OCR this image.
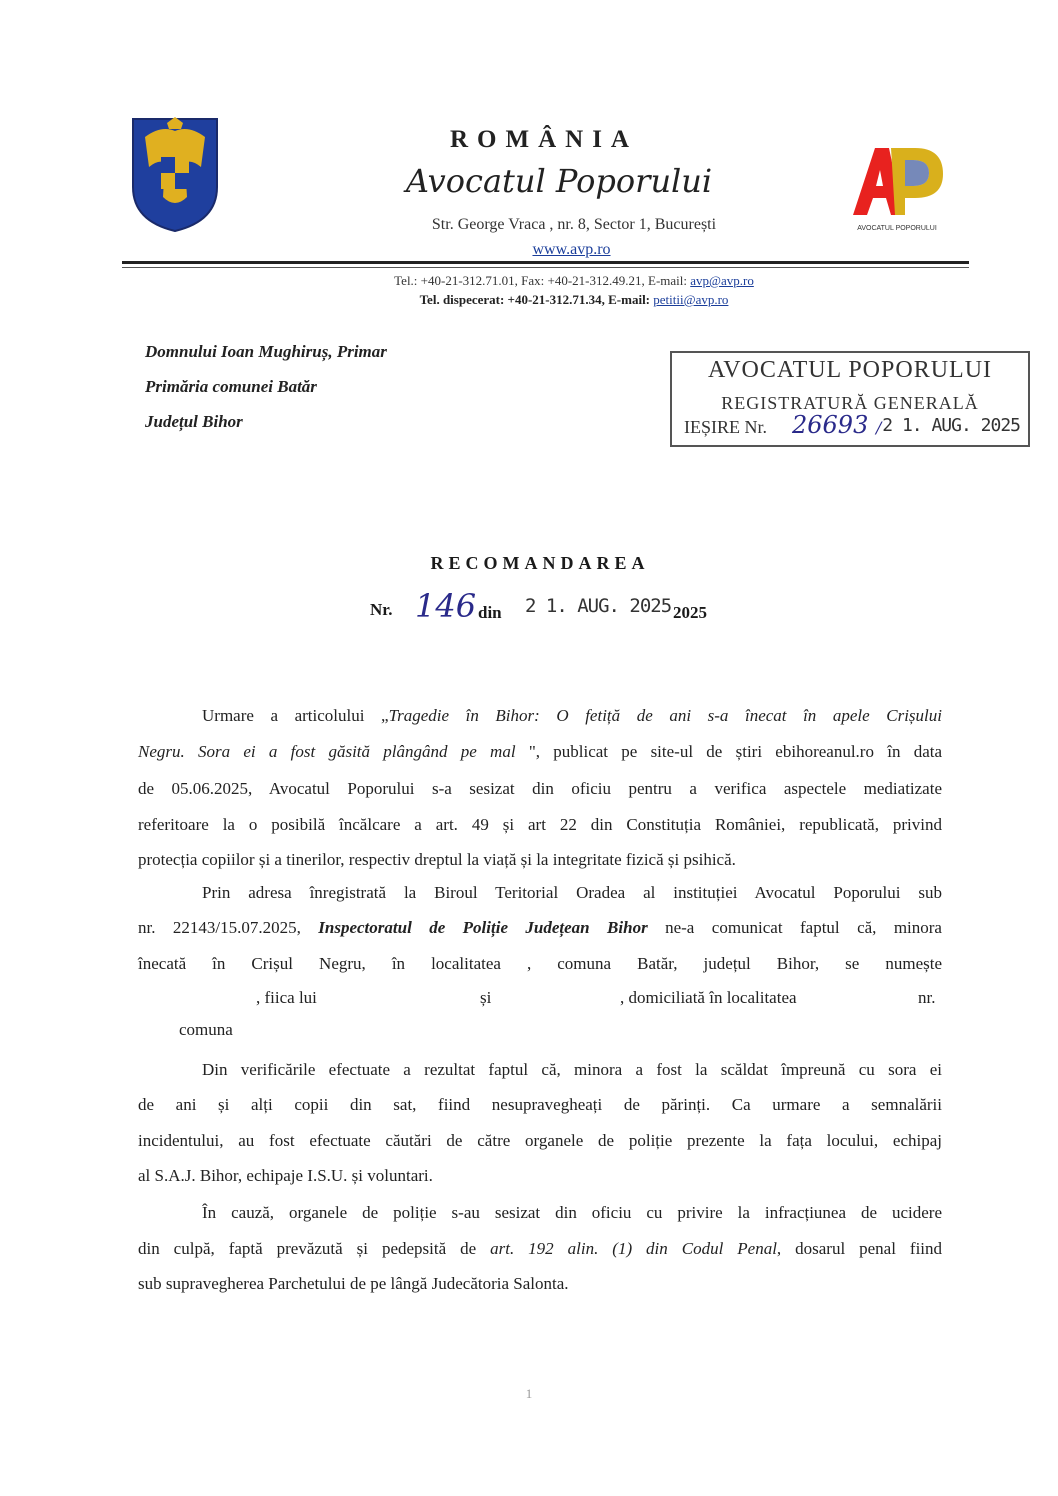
ROMÂNIA
Avocatul Poporului
Str. George Vraca , nr. 8, Sector 1, București
www.avp.ro
AVOCATUL POPORULUI
Tel.: +40-21-312.71.01, Fax: +40-21-312.49.21, E-mail: avp@avp.ro
Tel. dispecerat: +40-21-312.71.34, E-mail: petitii@avp.ro
Domnului Ioan Mughiruș, Primar
Primăria comunei Batăr
Județul Bihor
AVOCATUL POPORULUI
REGISTRATURĂ GENERALĂ
IEȘIRE Nr. 26693 / 2 1. AUG. 2025
RECOMANDAREA
Nr. 146 din 2 1. AUG. 2025 2025
Urmare a articolului „Tragedie în Bihor: O fetiță de ani s-a înecat în apele Crișului
Negru. Sora ei a fost găsită plângând pe mal ", publicat pe site-ul de știri ebihoreanul.ro în data
de 05.06.2025, Avocatul Poporului s-a sesizat din oficiu pentru a verifica aspectele mediatizate
referitoare la o posibilă încălcare a art. 49 și art 22 din Constituția României, republicată, privind
protecția copiilor și a tinerilor, respectiv dreptul la viață și la integritate fizică și psihică.
Prin adresa înregistrată la Biroul Teritorial Oradea al instituției Avocatul Poporului sub
nr. 22143/15.07.2025, Inspectoratul de Poliție Județean Bihor ne-a comunicat faptul că, minora
înecată în Crișul Negru, în localitatea , comuna Batăr, județul Bihor, se numește
, fiica lui	și	, domiciliată în localitatea	nr.
comuna
Din verificările efectuate a rezultat faptul că, minora a fost la scăldat împreună cu sora ei
de ani și alți copii din sat, fiind nesupravegheați de părinți. Ca urmare a semnalării
incidentului, au fost efectuate căutări de către organele de poliție prezente la fața locului, echipaj
al S.A.J. Bihor, echipaje I.S.U. și voluntari.
În cauză, organele de poliție s-au sesizat din oficiu cu privire la infracțiunea de ucidere
din culpă, faptă prevăzută și pedepsită de art. 192 alin. (1) din Codul Penal, dosarul penal fiind
sub supravegherea Parchetului de pe lângă Judecătoria Salonta.
1
